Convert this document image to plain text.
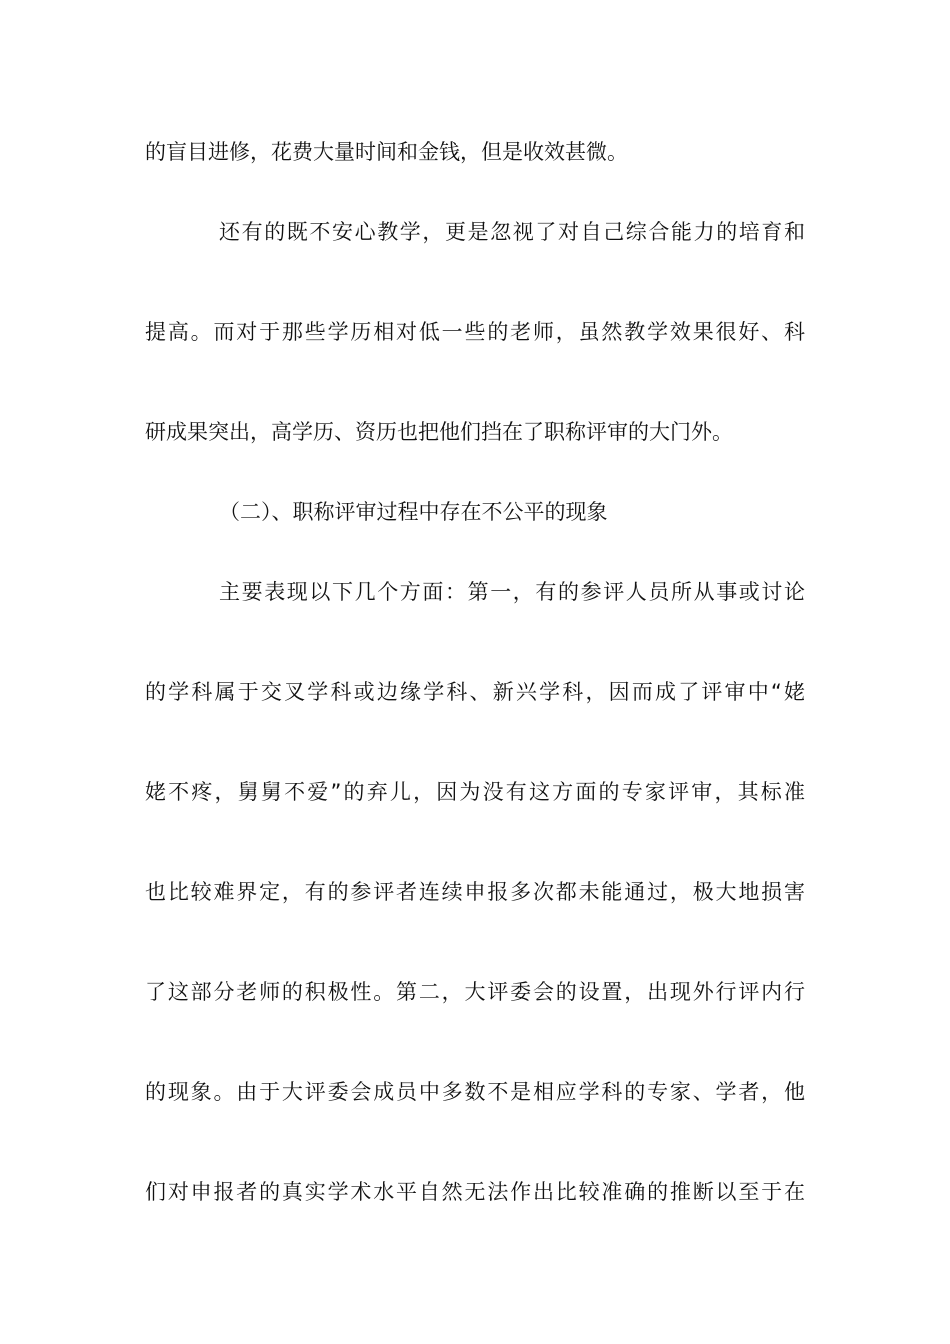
的盲目进修，花费大量时间和金钱，但是收效甚微。
还有的既不安心教学，更是忽视了对自己综合能力的培育和
提高。而对于那些学历相对低一些的老师，虽然教学效果很好、科
研成果突出，高学历、资历也把他们挡在了职称评审的大门外。
（二）、职称评审过程中存在不公平的现象
主要表现以下几个方面：第一，有的参评人员所从事或讨论
的学科属于交叉学科或边缘学科、新兴学科，因而成了评审中“姥
姥不疼，舅舅不爱”的弃儿，因为没有这方面的专家评审，其标准
也比较难界定，有的参评者连续申报多次都未能通过，极大地损害
了这部分老师的积极性。第二，大评委会的设置，出现外行评内行
的现象。由于大评委会成员中多数不是相应学科的专家、学者，他
们对申报者的真实学术水平自然无法作出比较准确的推断以至于在
